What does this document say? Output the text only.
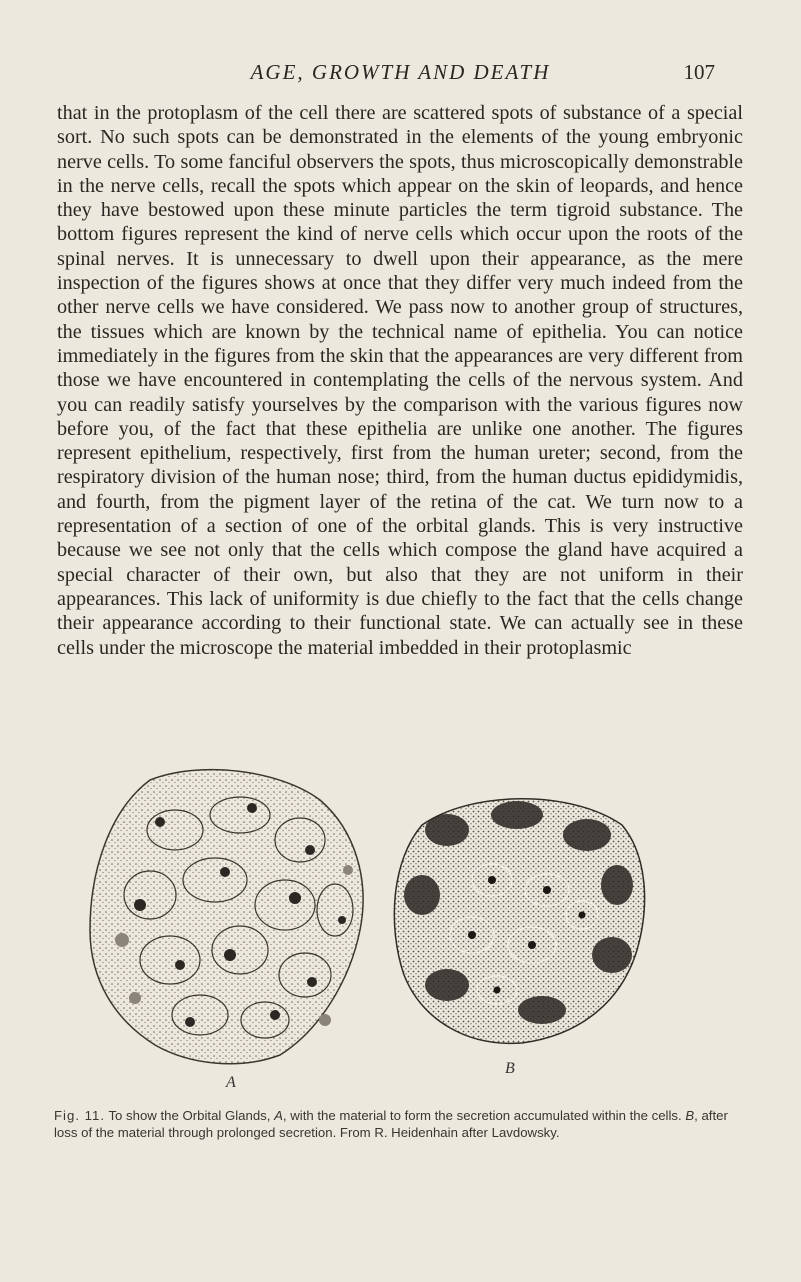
AGE, GROWTH AND DEATH	107

that in the protoplasm of the cell there are scattered spots of substance of a special sort. No such spots can be demonstrated in the elements of the young embryonic nerve cells. To some fanciful observers the spots, thus microscopically demonstrable in the nerve cells, recall the spots which appear on the skin of leopards, and hence they have bestowed upon these minute particles the term tigroid substance. The bottom figures represent the kind of nerve cells which occur upon the roots of the spinal nerves. It is unnecessary to dwell upon their appearance, as the mere inspection of the figures shows at once that they differ very much indeed from the other nerve cells we have considered. We pass now to another group of structures, the tissues which are known by the technical name of epithelia. You can notice immediately in the figures from the skin that the appearances are very different from those we have encountered in contemplating the cells of the nervous system. And you can readily satisfy yourselves by the comparison with the various figures now before you, of the fact that these epithelia are unlike one another. The figures represent epithelium, respectively, first from the human ureter; second, from the respiratory division of the human nose; third, from the human ductus epididymidis, and fourth, from the pigment layer of the retina of the cat. We turn now to a representation of a section of one of the orbital glands. This is very instructive because we see not only that the cells which compose the gland have acquired a special character of their own, but also that they are not uniform in their appearances. This lack of uniformity is due chiefly to the fact that the cells change their appearance according to their functional state. We can actually see in these cells under the microscope the material imbedded in their protoplasmic

A
B
Fig. 11. To show the Orbital Glands, A, with the material to form the secretion accumulated within the cells. B, after loss of the material through prolonged secretion. From R. Heidenhain after Lavdowsky.
